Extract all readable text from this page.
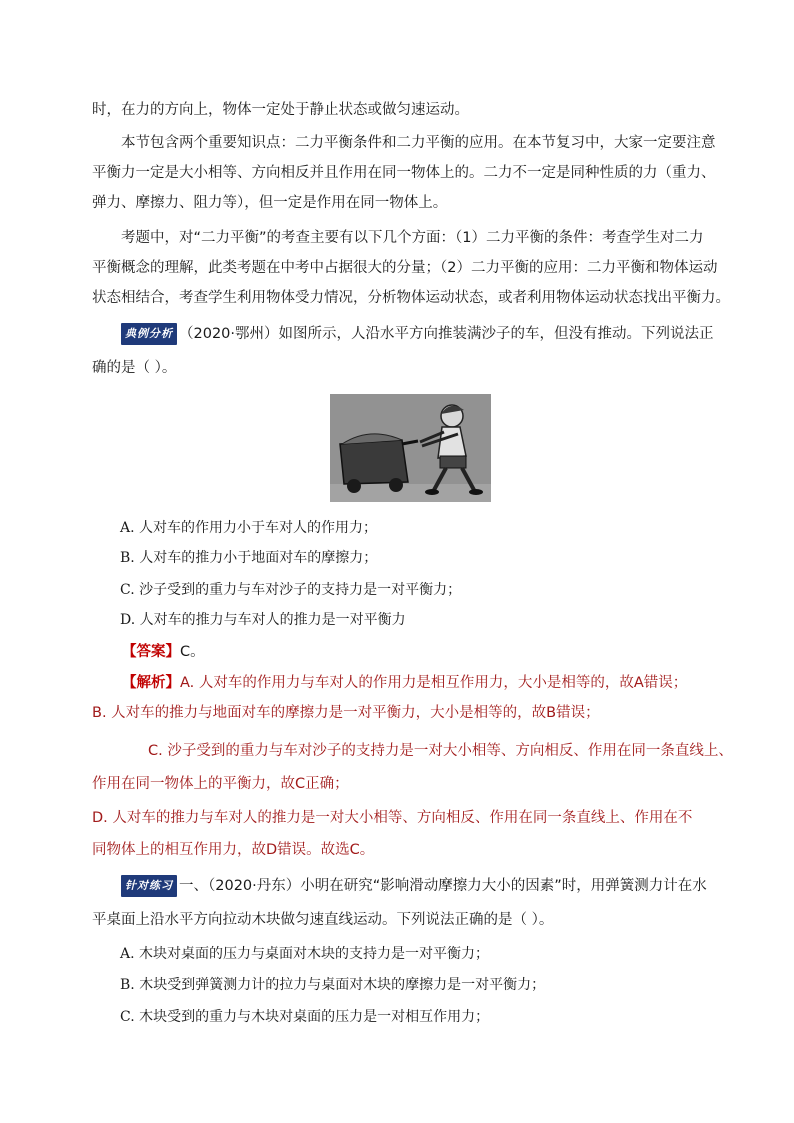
时，在力的方向上，物体一定处于静止状态或做匀速运动。
本节包含两个重要知识点：二力平衡条件和二力平衡的应用。在本节复习中，大家一定要注意
平衡力一定是大小相等、方向相反并且作用在同一物体上的。二力不一定是同种性质的力（重力、
弹力、摩擦力、阻力等），但一定是作用在同一物体上。
考题中，对“二力平衡”的考查主要有以下几个方面：（1）二力平衡的条件：考查学生对二力
平衡概念的理解，此类考题在中考中占据很大的分量；（2）二力平衡的应用：二力平衡和物体运动
状态相结合，考查学生利用物体受力情况，分析物体运动状态，或者利用物体运动状态找出平衡力。
典例分析 （2020·鄂州）如图所示，人沿水平方向推装满沙子的车，但没有推动。下列说法正
确的是（ ）。
A. 人对车的作用力小于车对人的作用力；
B. 人对车的推力小于地面对车的摩擦力；
C. 沙子受到的重力与车对沙子的支持力是一对平衡力；
D. 人对车的推力与车对人的推力是一对平衡力
【答案】C。
【解析】A. 人对车的作用力与车对人的作用力是相互作用力，大小是相等的，故A错误；
B. 人对车的推力与地面对车的摩擦力是一对平衡力，大小是相等的，故B错误；
C. 沙子受到的重力与车对沙子的支持力是一对大小相等、方向相反、作用在同一条直线上、
作用在同一物体上的平衡力，故C正确；
D. 人对车的推力与车对人的推力是一对大小相等、方向相反、作用在同一条直线上、作用在不
同物体上的相互作用力，故D错误。故选C。
针对练习 一、（2020·丹东）小明在研究“影响滑动摩擦力大小的因素”时，用弹簧测力计在水
平桌面上沿水平方向拉动木块做匀速直线运动。下列说法正确的是（ ）。
A. 木块对桌面的压力与桌面对木块的支持力是一对平衡力；
B. 木块受到弹簧测力计的拉力与桌面对木块的摩擦力是一对平衡力；
C. 木块受到的重力与木块对桌面的压力是一对相互作用力；
